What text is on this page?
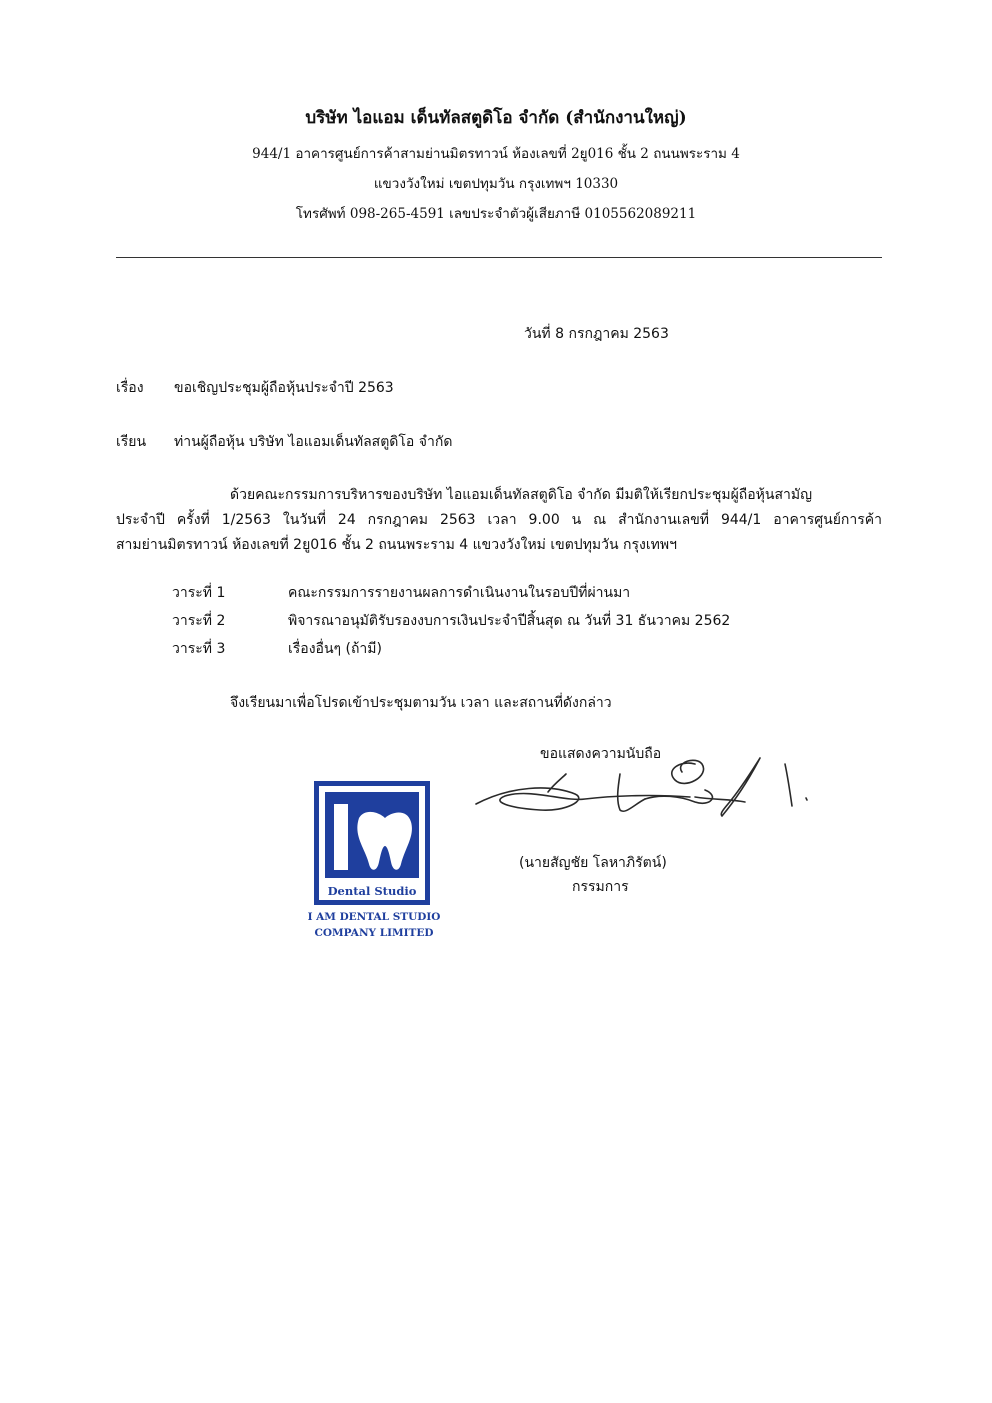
บริษัท ไอแอม เด็นทัลสตูดิโอ จำกัด (สำนักงานใหญ่)
944/1 อาคารศูนย์การค้าสามย่านมิตรทาวน์ ห้องเลขที่ 2ยู016 ชั้น 2 ถนนพระราม 4
แขวงวังใหม่ เขตปทุมวัน กรุงเทพฯ 10330
โทรศัพท์ 098-265-4591 เลขประจำตัวผู้เสียภาษี 0105562089211
วันที่ 8 กรกฎาคม 2563
เรื่อง ขอเชิญประชุมผู้ถือหุ้นประจำปี 2563
เรียน ท่านผู้ถือหุ้น บริษัท ไอแอมเด็นทัลสตูดิโอ จำกัด
ด้วยคณะกรรมการบริหารของบริษัท ไอแอมเด็นทัลสตูดิโอ จำกัด มีมติให้เรียกประชุมผู้ถือหุ้นสามัญ
ประจำปี ครั้งที่ 1/2563 ในวันที่ 24 กรกฎาคม 2563 เวลา 9.00 น ณ สำนักงานเลขที่ 944/1 อาคารศูนย์การค้า
สามย่านมิตรทาวน์ ห้องเลขที่ 2ยู016 ชั้น 2 ถนนพระราม 4 แขวงวังใหม่ เขตปทุมวัน กรุงเทพฯ
วาระที่ 1	คณะกรรมการรายงานผลการดำเนินงานในรอบปีที่ผ่านมา
วาระที่ 2	พิจารณาอนุมัติรับรองงบการเงินประจำปีสิ้นสุด ณ วันที่ 31 ธันวาคม 2562
วาระที่ 3	เรื่องอื่นๆ (ถ้ามี)
จึงเรียนมาเพื่อโปรดเข้าประชุมตามวัน เวลา และสถานที่ดังกล่าว
ขอแสดงความนับถือ
(นายสัญชัย โลหาภิรัตน์)
กรรมการ
Dental Studio
I AM DENTAL STUDIO
COMPANY LIMITED
